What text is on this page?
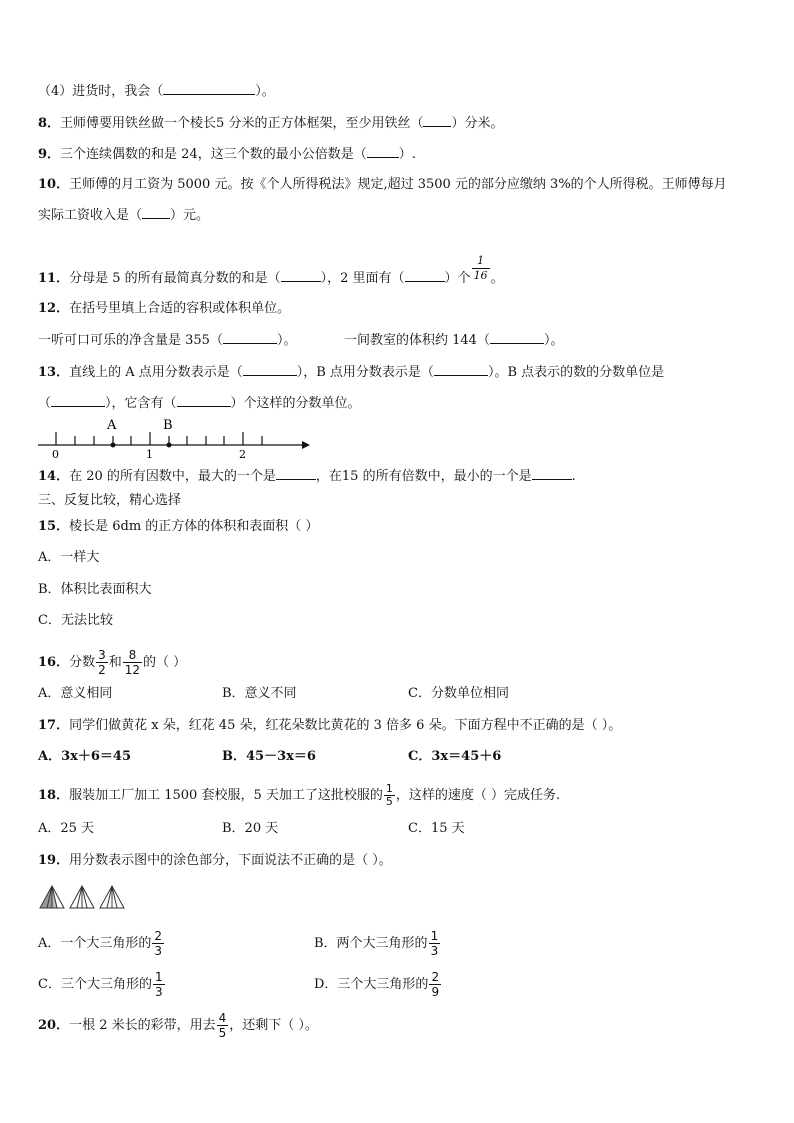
（4）进货时，我会（	）。
8．王师傅要用铁丝做一个棱长5 分米的正方体框架，至少用铁丝（ ）分米。
9．三个连续偶数的和是 24，这三个数的最小公倍数是（ ）.
10．王师傅的月工资为 5000 元。按《个人所得税法》规定,超过 3500 元的部分应缴纳 3%的个人所得税。王师傅每月
实际工资收入是（ ）元。
11．分母是 5 的所有最简真分数的和是（	），2 里面有（	）个 $\frac{1}{16}$ 。
12．在括号里填上合适的容积或体积单位。
一听可口可乐的净含量是 355（	）。	一间教室的体积约 144（	）。
13．直线上的 A 点用分数表示是（	），B 点用分数表示是（	）。B 点表示的数的分数单位是
（	），它含有（	）个这样的分数单位。
A	B
0	1	2
14．在 20 的所有因数中，最大的一个是	，在15 的所有倍数中，最小的一个是	.
三、反复比较，精心选择
15．棱长是 6dm 的正方体的体积和表面积（ ）
A．一样大
B．体积比表面积大
C．无法比较
16．分数 $\frac{3}{2}$ 和 $\frac{8}{12}$ 的（ ）
A．意义相同	B．意义不同	C．分数单位相同
17．同学们做黄花 x 朵，红花 45 朵，红花朵数比黄花的 3 倍多 6 朵。下面方程中不正确的是（ ）。
A．3x＋6＝45	B．45－3x＝6	C．3x＝45＋6
18．服装加工厂加工 1500 套校服，5 天加工了这批校服的 $\frac{1}{5}$ ，这样的速度（ ）完成任务.
A．25 天	B．20 天	C．15 天
19．用分数表示图中的涂色部分，下面说法不正确的是（ ）。
A．一个大三角形的 $\frac{2}{3}$	B．两个大三角形的 $\frac{1}{3}$
C．三个大三角形的 $\frac{1}{3}$	D．三个大三角形的 $\frac{2}{9}$
20．一根 2 米长的彩带，用去 $\frac{4}{5}$ ，还剩下（ ）。
